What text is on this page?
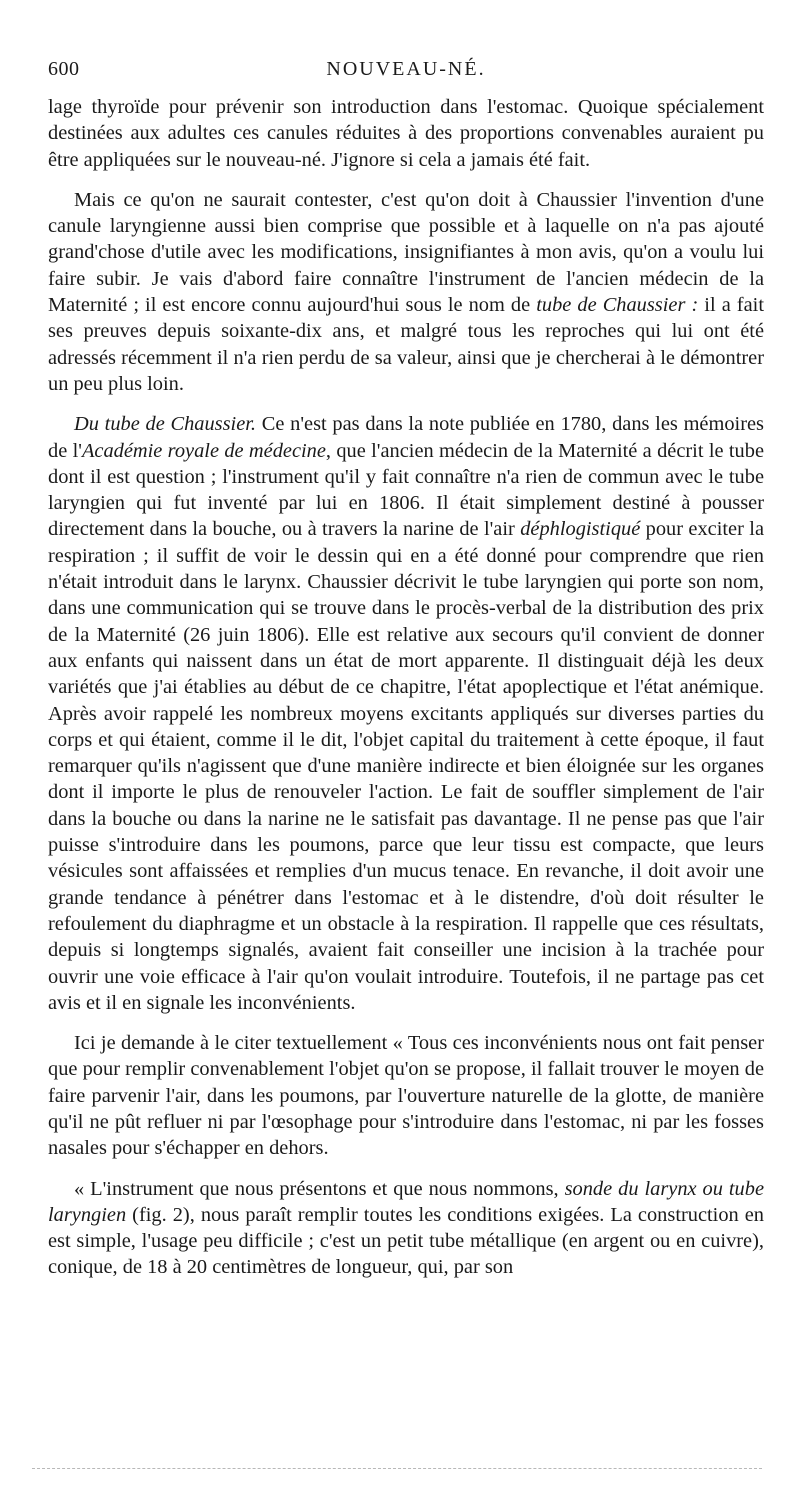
600	NOUVEAU-NÉ.

lage thyroïde pour prévenir son introduction dans l'estomac. Quoique spécialement destinées aux adultes ces canules réduites à des proportions convenables auraient pu être appliquées sur le nouveau-né. J'ignore si cela a jamais été fait.

Mais ce qu'on ne saurait contester, c'est qu'on doit à Chaussier l'invention d'une canule laryngienne aussi bien comprise que possible et à laquelle on n'a pas ajouté grand'chose d'utile avec les modifications, insignifiantes à mon avis, qu'on a voulu lui faire subir. Je vais d'abord faire connaître l'instrument de l'ancien médecin de la Maternité ; il est encore connu aujourd'hui sous le nom de tube de Chaussier : il a fait ses preuves depuis soixante-dix ans, et malgré tous les reproches qui lui ont été adressés récemment il n'a rien perdu de sa valeur, ainsi que je chercherai à le démontrer un peu plus loin.

Du tube de Chaussier. Ce n'est pas dans la note publiée en 1780, dans les mémoires de l'Académie royale de médecine, que l'ancien médecin de la Maternité a décrit le tube dont il est question ; l'instrument qu'il y fait connaître n'a rien de commun avec le tube laryngien qui fut inventé par lui en 1806. Il était simplement destiné à pousser directement dans la bouche, ou à travers la narine de l'air déphlogistiqué pour exciter la respiration ; il suffit de voir le dessin qui en a été donné pour comprendre que rien n'était introduit dans le larynx. Chaussier décrivit le tube laryngien qui porte son nom, dans une communication qui se trouve dans le procès-verbal de la distribution des prix de la Maternité (26 juin 1806). Elle est relative aux secours qu'il convient de donner aux enfants qui naissent dans un état de mort apparente. Il distinguait déjà les deux variétés que j'ai établies au début de ce chapitre, l'état apoplectique et l'état anémique. Après avoir rappelé les nombreux moyens excitants appliqués sur diverses parties du corps et qui étaient, comme il le dit, l'objet capital du traitement à cette époque, il faut remarquer qu'ils n'agissent que d'une manière indirecte et bien éloignée sur les organes dont il importe le plus de renouveler l'action. Le fait de souffler simplement de l'air dans la bouche ou dans la narine ne le satisfait pas davantage. Il ne pense pas que l'air puisse s'introduire dans les poumons, parce que leur tissu est compacte, que leurs vésicules sont affaissées et remplies d'un mucus tenace. En revanche, il doit avoir une grande tendance à pénétrer dans l'estomac et à le distendre, d'où doit résulter le refoulement du diaphragme et un obstacle à la respiration. Il rappelle que ces résultats, depuis si longtemps signalés, avaient fait conseiller une incision à la trachée pour ouvrir une voie efficace à l'air qu'on voulait introduire. Toutefois, il ne partage pas cet avis et il en signale les inconvénients.

Ici je demande à le citer textuellement « Tous ces inconvénients nous ont fait penser que pour remplir convenablement l'objet qu'on se propose, il fallait trouver le moyen de faire parvenir l'air, dans les poumons, par l'ouverture naturelle de la glotte, de manière qu'il ne pût refluer ni par l'œsophage pour s'introduire dans l'estomac, ni par les fosses nasales pour s'échapper en dehors.

« L'instrument que nous présentons et que nous nommons, sonde du larynx ou tube laryngien (fig. 2), nous paraît remplir toutes les conditions exigées. La construction en est simple, l'usage peu difficile ; c'est un petit tube métallique (en argent ou en cuivre), conique, de 18 à 20 centimètres de longueur, qui, par son
